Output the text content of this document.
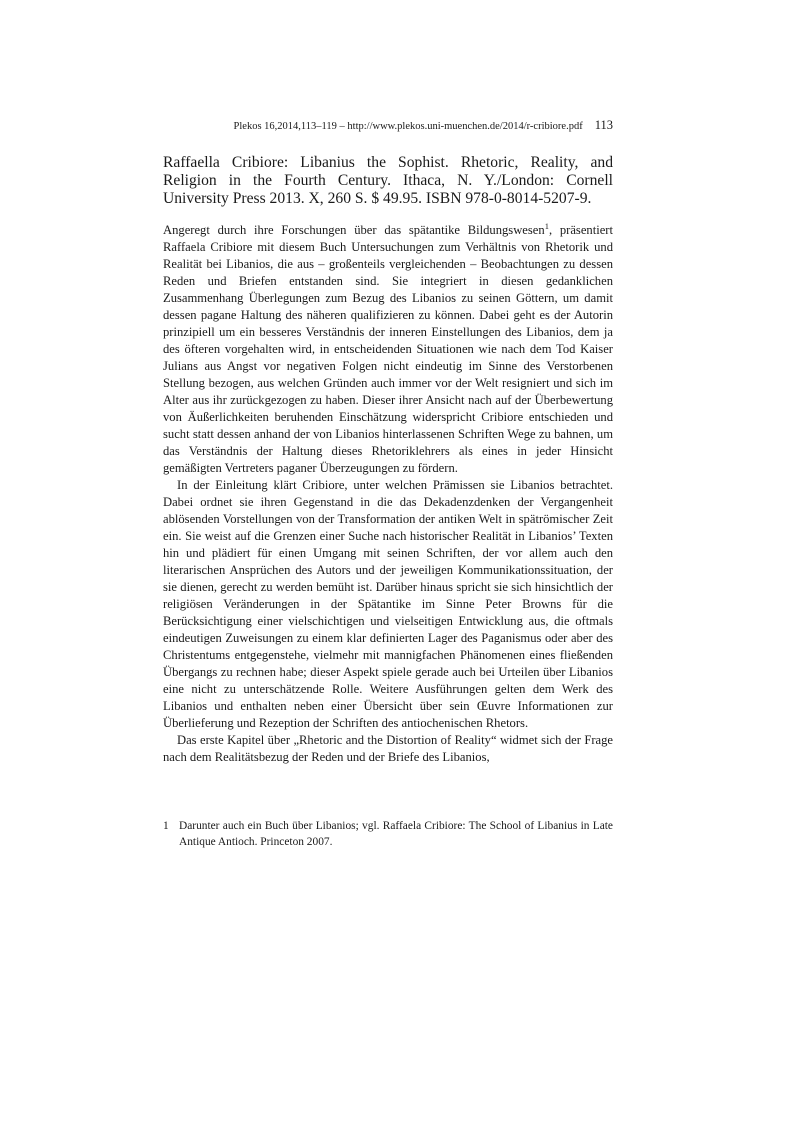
Plekos 16,2014,113–119 – http://www.plekos.uni-muenchen.de/2014/r-cribiore.pdf 113
Raffaella Cribiore: Libanius the Sophist. Rhetoric, Reality, and Religion in the Fourth Century. Ithaca, N. Y./London: Cornell University Press 2013. X, 260 S. $ 49.95. ISBN 978-0-8014-5207-9.

Angeregt durch ihre Forschungen über das spätantike Bildungswesen$^1$, präsentiert Raffaela Cribiore mit diesem Buch Untersuchungen zum Verhältnis von Rhetorik und Realität bei Libanios, die aus – großenteils vergleichenden – Beobachtungen zu dessen Reden und Briefen entstanden sind. Sie integriert in diesen gedanklichen Zusammenhang Überlegungen zum Bezug des Libanios zu seinen Göttern, um damit dessen pagane Haltung des näheren qualifizieren zu können. Dabei geht es der Autorin prinzipiell um ein besseres Verständnis der inneren Einstellungen des Libanios, dem ja des öfteren vorgehalten wird, in entscheidenden Situationen wie nach dem Tod Kaiser Julians aus Angst vor negativen Folgen nicht eindeutig im Sinne des Verstorbenen Stellung bezogen, aus welchen Gründen auch immer vor der Welt resigniert und sich im Alter aus ihr zurückgezogen zu haben. Dieser ihrer Ansicht nach auf der Überbewertung von Äußerlichkeiten beruhenden Einschätzung widerspricht Cribiore entschieden und sucht statt dessen anhand der von Libanios hinterlassenen Schriften Wege zu bahnen, um das Verständnis der Haltung dieses Rhetoriklehrers als eines in jeder Hinsicht gemäßigten Vertreters paganer Überzeugungen zu fördern.

In der Einleitung klärt Cribiore, unter welchen Prämissen sie Libanios betrachtet. Dabei ordnet sie ihren Gegenstand in die das Dekadenzdenken der Vergangenheit ablösenden Vorstellungen von der Transformation der antiken Welt in spätrömischer Zeit ein. Sie weist auf die Grenzen einer Suche nach historischer Realität in Libanios’ Texten hin und plädiert für einen Umgang mit seinen Schriften, der vor allem auch den literarischen Ansprüchen des Autors und der jeweiligen Kommunikationssituation, der sie dienen, gerecht zu werden bemüht ist. Darüber hinaus spricht sie sich hinsichtlich der religiösen Veränderungen in der Spätantike im Sinne Peter Browns für die Berücksichtigung einer vielschichtigen und vielseitigen Entwicklung aus, die oftmals eindeutigen Zuweisungen zu einem klar definierten Lager des Paganismus oder aber des Christentums entgegenstehe, vielmehr mit mannigfachen Phänomenen eines fließenden Übergangs zu rechnen habe; dieser Aspekt spiele gerade auch bei Urteilen über Libanios eine nicht zu unterschätzende Rolle. Weitere Ausführungen gelten dem Werk des Libanios und enthalten neben einer Übersicht über sein Œuvre Informationen zur Überlieferung und Rezeption der Schriften des antiochenischen Rhetors.

Das erste Kapitel über „Rhetoric and the Distortion of Reality“ widmet sich der Frage nach dem Realitätsbezug der Reden und der Briefe des Libanios,

1 Darunter auch ein Buch über Libanios; vgl. Raffaela Cribiore: The School of Libanius in Late Antique Antioch. Princeton 2007.
